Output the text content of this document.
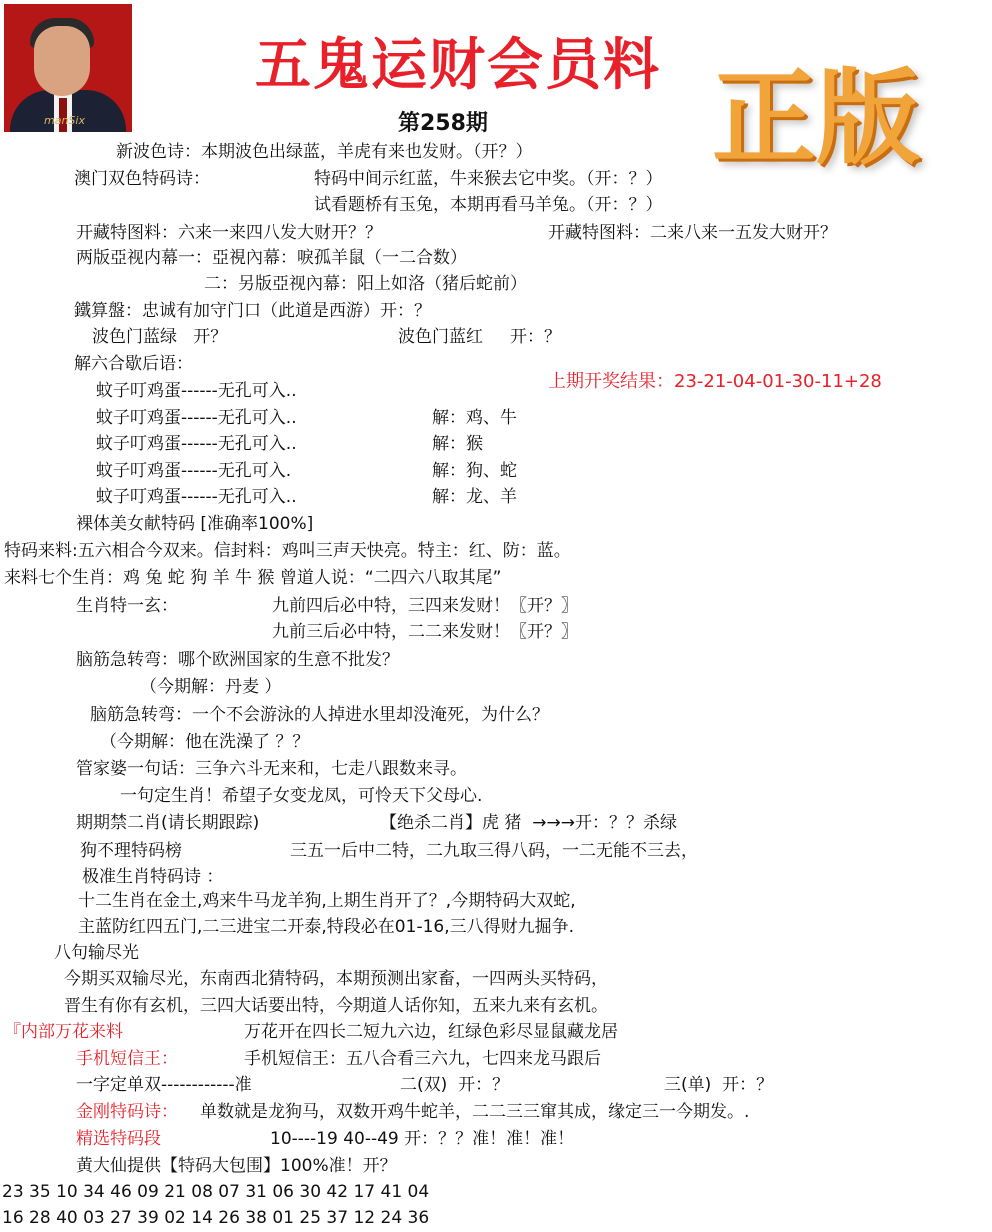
manSix
五鬼运财会员料
第258期 正版
新波色诗：本期波色出绿蓝，羊虎有来也发财。（开？）
澳门双色特码诗：	特码中间示红蓝，牛来猴去它中奖。（开：？）
试看题桥有玉兔，本期再看马羊兔。（开：？）
开藏特图料：六来一来四八发大财开？？	开藏特图料：二来八来一五发大财开？
两版亞视内幕一：亞視內幕：唳孤羊鼠（一二合数）
二：另版亞视內幕：阳上如洛（猪后蛇前）
鐵算盤：忠诚有加守门口（此道是西游）开：？
波色门蓝绿   开？	波色门蓝红     开：？
解六合歇后语：
蚊子叮鸡蛋------无孔可入..	上期开奖结果：23-21-04-01-30-11+28
蚊子叮鸡蛋------无孔可入..	解：鸡、牛
蚊子叮鸡蛋------无孔可入..	解：猴
蚊子叮鸡蛋------无孔可入.	解：狗、蛇
蚊子叮鸡蛋------无孔可入..	解：龙、羊
裸体美女献特码 [准确率100%]
特码来料:五六相合今双来。信封料：鸡叫三声天快亮。特主：红、防：蓝。
来料七个生肖：鸡 兔 蛇 狗 羊 牛 猴 曾道人说：“二四六八取其尾”
生肖特一玄：	九前四后必中特，三四来发财！〖开？〗
九前三后必中特，二二来发财！〖开？〗
脑筋急转弯：哪个欧洲国家的生意不批发？
（今期解：丹麦 ）
脑筋急转弯：一个不会游泳的人掉进水里却没淹死，为什么？
（今期解：他在洗澡了 ？？
管家婆一句话：三争六斗无来和，七走八跟数来寻。
一句定生肖！希望子女变龙凤，可怜天下父母心.
期期禁二肖(请长期跟踪)	【绝杀二肖】虎 猪  →→→开：？？杀绿
狗不理特码榜	三五一后中二特，二九取三得八码，一二无能不三去，
极准生肖特码诗 ：
十二生肖在金土,鸡来牛马龙羊狗,上期生肖开了？,今期特码大双蛇,
主蓝防红四五门,二三进宝二开泰,特段必在01-16,三八得财九掘争.
八句输尽光
今期买双输尽光，东南西北猜特码，本期预测出家畜，一四两头买特码，
晋生有你有玄机，三四大话要出特，今期道人话你知，五来九来有玄机。
『内部万花来料	万花开在四长二短九六边，红绿色彩尽显鼠藏龙居
手机短信王：	手机短信王：五八合看三六九，七四来龙马跟后
一字定单双------------准	二(双)  开：？	三(单)  开：？
金刚特码诗： 单数就是龙狗马，双数开鸡牛蛇羊，二二三三窜其成，缘定三一今期发。.
精选特码段	10----19 40--49 开：？？准！准！准！
黄大仙提供【特码大包围】100%准！开？
23 35 10 34 46 09 21 08 07 31 06 30 42 17 41 04
16 28 40 03 27 39 02 14 26 38 01 25 37 12 24 36
